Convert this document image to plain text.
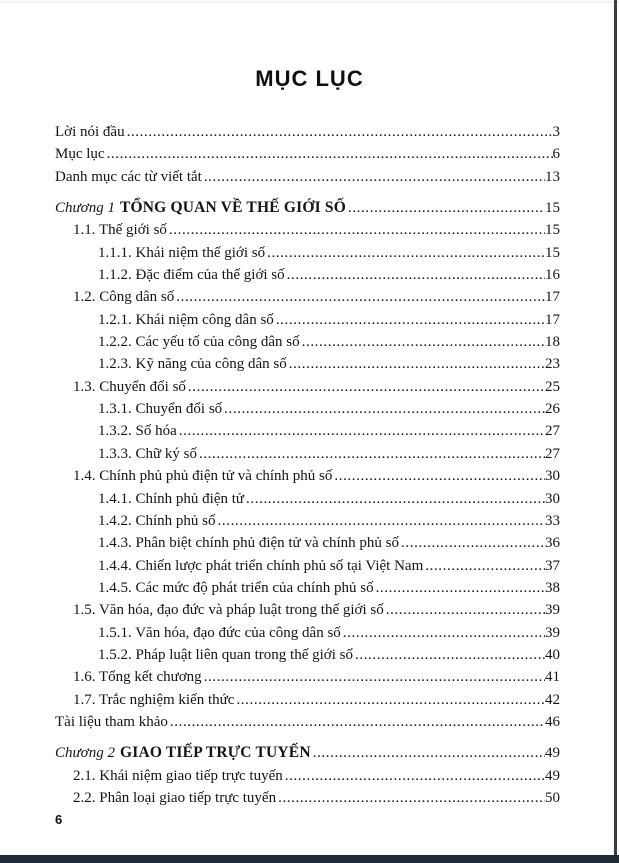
MỤC LỤC
Lời nói đầu .....	3
Mục lục .....	6
Danh mục các từ viết tắt .....	13
Chương 1 TỔNG QUAN VỀ THẾ GIỚI SỐ .....	15
1.1. Thế giới số .....	15
1.1.1. Khái niệm thế giới số .....	15
1.1.2. Đặc điểm của thế giới số .....	16
1.2. Công dân số .....	17
1.2.1. Khái niệm công dân số .....	17
1.2.2. Các yếu tố của công dân số .....	18
1.2.3. Kỹ năng của công dân số .....	23
1.3. Chuyển đổi số .....	25
1.3.1. Chuyển đổi số .....	26
1.3.2. Số hóa .....	27
1.3.3. Chữ ký số .....	27
1.4. Chính phủ phủ điện tử và chính phủ số .....	30
1.4.1. Chính phủ điện tử .....	30
1.4.2. Chính phủ số .....	33
1.4.3. Phân biệt chính phủ điện tử và chính phủ số .....	36
1.4.4. Chiến lược phát triển chính phủ số tại Việt Nam .....	37
1.4.5. Các mức độ phát triển của chính phủ số .....	38
1.5. Văn hóa, đạo đức và pháp luật trong thế giới số .....	39
1.5.1. Văn hóa, đạo đức của công dân số .....	39
1.5.2. Pháp luật liên quan trong thế giới số .....	40
1.6. Tổng kết chương .....	41
1.7. Trắc nghiệm kiến thức .....	42
Tài liệu tham khảo .....	46
Chương 2 GIAO TIẾP TRỰC TUYẾN .....	49
2.1. Khái niệm giao tiếp trực tuyến .....	49
2.2. Phân loại giao tiếp trực tuyến .....	50
6
